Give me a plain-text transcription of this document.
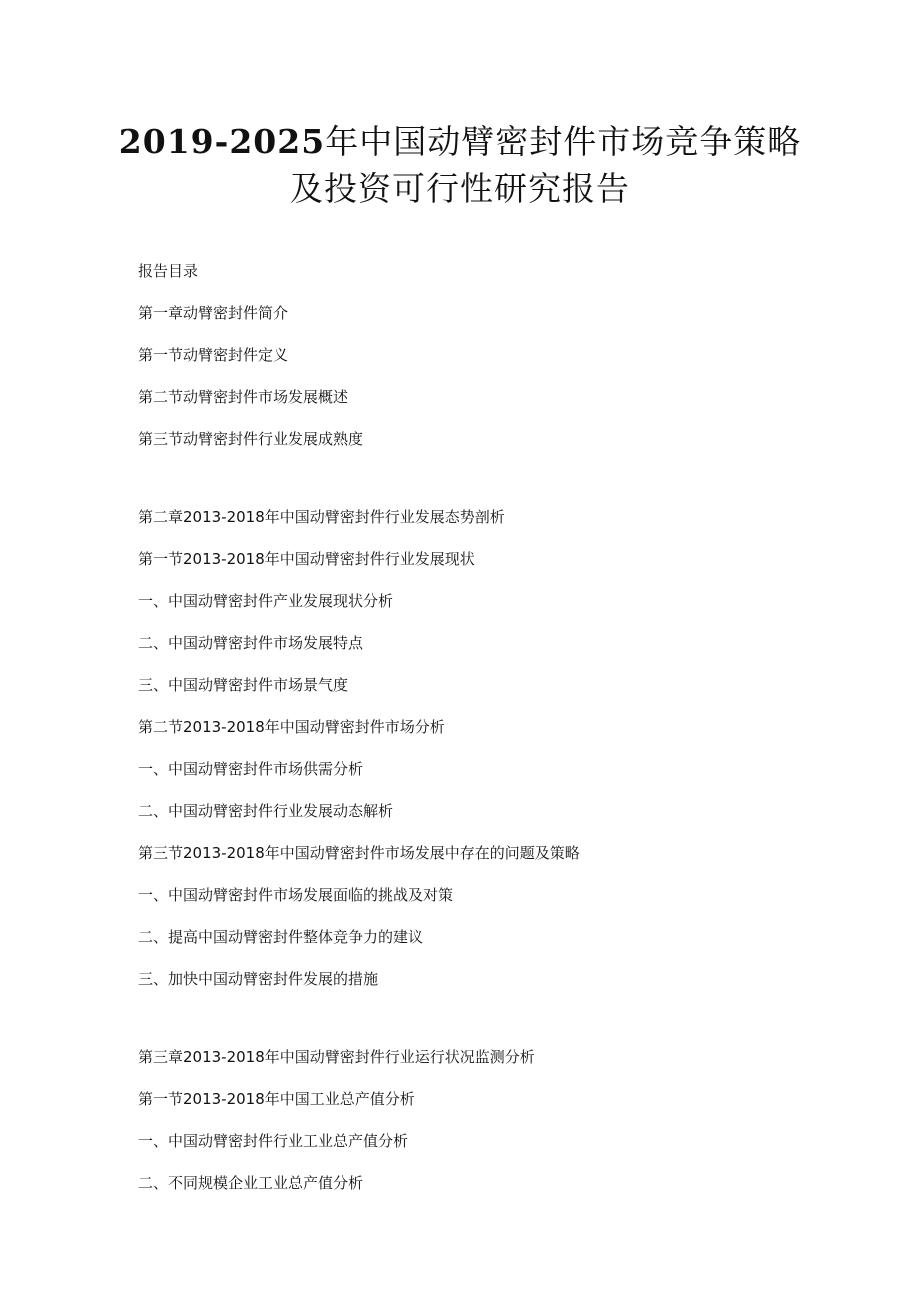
2019-2025年中国动臂密封件市场竞争策略
及投资可行性研究报告
报告目录
第一章动臂密封件简介
第一节动臂密封件定义
第二节动臂密封件市场发展概述
第三节动臂密封件行业发展成熟度
第二章2013-2018年中国动臂密封件行业发展态势剖析
第一节2013-2018年中国动臂密封件行业发展现状
一、中国动臂密封件产业发展现状分析
二、中国动臂密封件市场发展特点
三、中国动臂密封件市场景气度
第二节2013-2018年中国动臂密封件市场分析
一、中国动臂密封件市场供需分析
二、中国动臂密封件行业发展动态解析
第三节2013-2018年中国动臂密封件市场发展中存在的问题及策略
一、中国动臂密封件市场发展面临的挑战及对策
二、提高中国动臂密封件整体竞争力的建议
三、加快中国动臂密封件发展的措施
第三章2013-2018年中国动臂密封件行业运行状况监测分析
第一节2013-2018年中国工业总产值分析
一、中国动臂密封件行业工业总产值分析
二、不同规模企业工业总产值分析
